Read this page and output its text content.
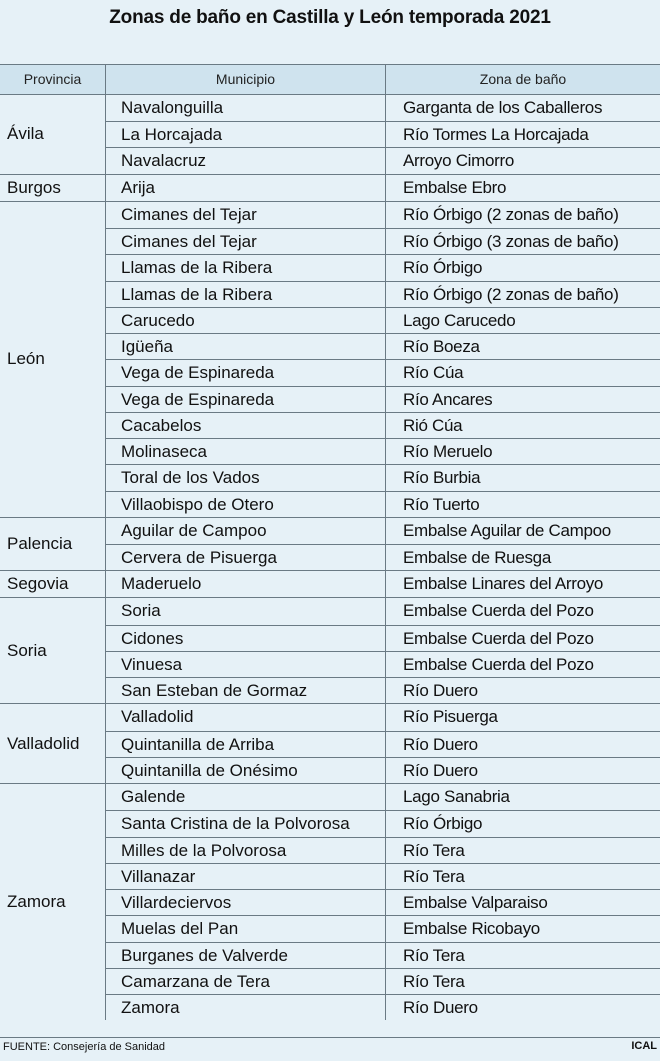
Zonas de baño en Castilla y León temporada 2021
Provincia	Municipio	Zona de baño
Ávila
Navalonguilla	Garganta de los Caballeros
La Horcajada	Río Tormes La Horcajada
Navalacruz	Arroyo Cimorro
Burgos	Arija	Embalse Ebro
León
Cimanes del Tejar	Río Órbigo (2 zonas de baño)
Cimanes del Tejar	Río Órbigo (3 zonas de baño)
Llamas de la Ribera	Río Órbigo
Llamas de la Ribera	Río Órbigo (2 zonas de baño)
Carucedo	Lago Carucedo
Igüeña	Río Boeza
Vega de Espinareda	Río Cúa
Vega de Espinareda	Río Ancares
Cacabelos	Rió Cúa
Molinaseca	Río Meruelo
Toral de los Vados	Río Burbia
Villaobispo de Otero	Río Tuerto
Palencia
Aguilar de Campoo	Embalse Aguilar de Campoo
Cervera de Pisuerga	Embalse de Ruesga
Segovia	Maderuelo	Embalse Linares del Arroyo
Soria
Soria	Embalse Cuerda del Pozo
Cidones	Embalse Cuerda del Pozo
Vinuesa	Embalse Cuerda del Pozo
San Esteban de Gormaz	Río Duero
Valladolid
Valladolid	Río Pisuerga
Quintanilla de Arriba	Río Duero
Quintanilla de Onésimo	Río Duero
Zamora
Galende	Lago Sanabria
Santa Cristina de la Polvorosa	Río Órbigo
Milles de la Polvorosa	Río Tera
Villanazar	Río Tera
Villardeciervos	Embalse Valparaiso
Muelas del Pan	Embalse Ricobayo
Burganes de Valverde	Río Tera
Camarzana de Tera	Río Tera
Zamora	Río Duero
FUENTE: Consejería de Sanidad	ICAL
